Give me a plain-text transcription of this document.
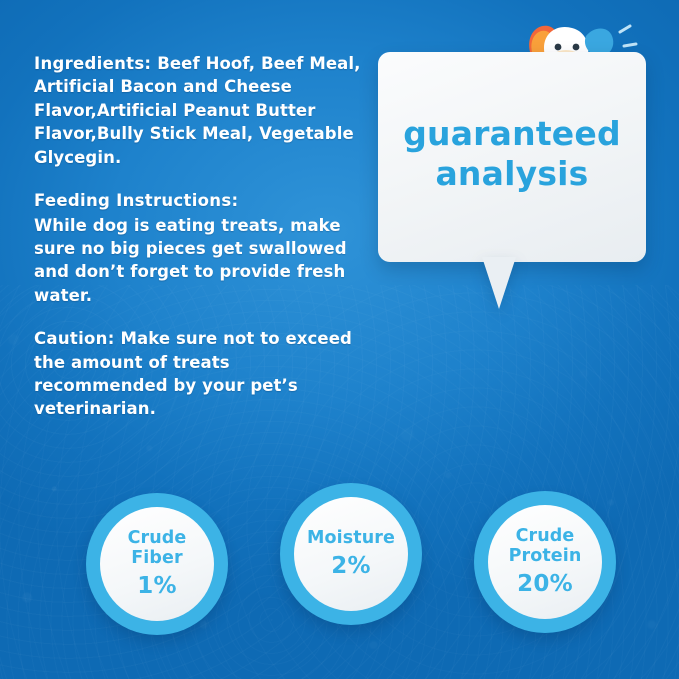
Ingredients: Beef Hoof, Beef Meal, Artificial Bacon and Cheese Flavor,Artificial Peanut Butter Flavor,Bully Stick Meal, Vegetable Glycegin.

Feeding Instructions:

While dog is eating treats, make sure no big pieces get swallowed and don’t forget to provide fresh water.

Caution: Make sure not to exceed the amount of treats recommended by your pet’s veterinarian.

guaranteed analysis
Crude Fiber
1%
Moisture
2%
Crude Protein
20%
